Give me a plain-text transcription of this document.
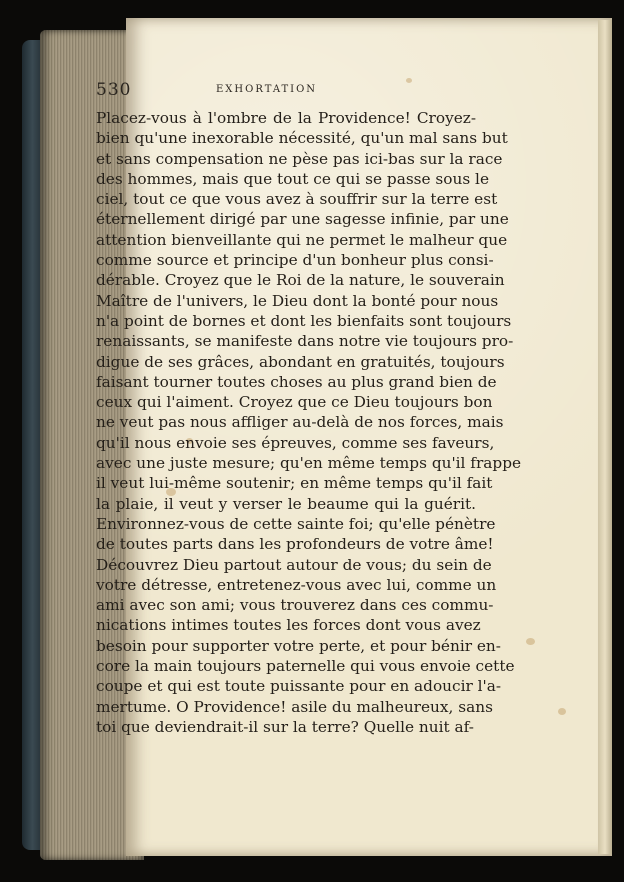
530	EXHORTATION
Placez-vous à l'ombre de la Providence! Croyez-
bien qu'une inexorable nécessité, qu'un mal sans but
et sans compensation ne pèse pas ici-bas sur la race
des hommes, mais que tout ce qui se passe sous le
ciel, tout ce que vous avez à souffrir sur la terre est
éternellement dirigé par une sagesse infinie, par une
attention bienveillante qui ne permet le malheur que
comme source et principe d'un bonheur plus consi-
dérable. Croyez que le Roi de la nature, le souverain
Maître de l'univers, le Dieu dont la bonté pour nous
n'a point de bornes et dont les bienfaits sont toujours
renaissants, se manifeste dans notre vie toujours pro-
digue de ses grâces, abondant en gratuités, toujours
faisant tourner toutes choses au plus grand bien de
ceux qui l'aiment. Croyez que ce Dieu toujours bon
ne veut pas nous affliger au-delà de nos forces, mais
qu'il nous envoie ses épreuves, comme ses faveurs,
avec une juste mesure; qu'en même temps qu'il frappe
il veut lui-même soutenir; en même temps qu'il fait
la plaie, il veut y verser le beaume qui la guérit.
Environnez-vous de cette sainte foi; qu'elle pénètre
de toutes parts dans les profondeurs de votre âme!
Découvrez Dieu partout autour de vous; du sein de
votre détresse, entretenez-vous avec lui, comme un
ami avec son ami; vous trouverez dans ces commu-
nications intimes toutes les forces dont vous avez
besoin pour supporter votre perte, et pour bénir en-
core la main toujours paternelle qui vous envoie cette
coupe et qui est toute puissante pour en adoucir l'a-
mertume. O Providence! asile du malheureux, sans
toi que deviendrait-il sur la terre? Quelle nuit af-
